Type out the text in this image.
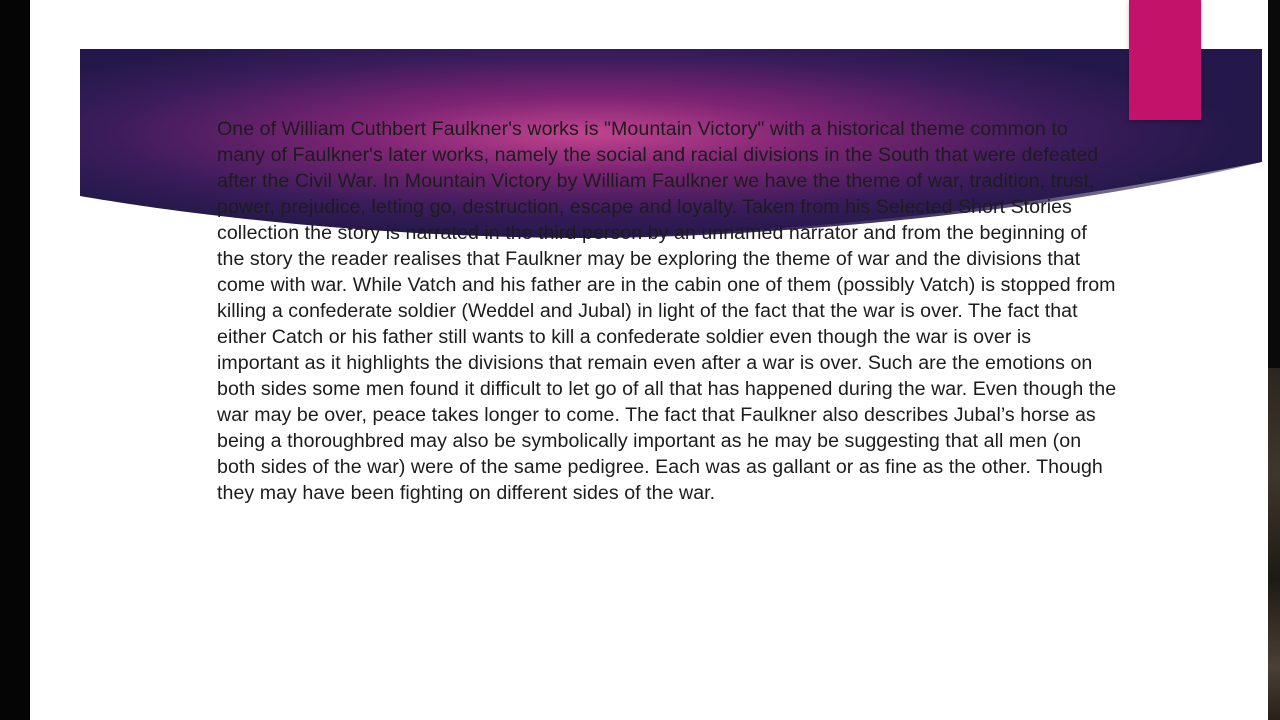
One of William Cuthbert Faulkner's works is "Mountain Victory" with a historical theme common to many of Faulkner's later works, namely the social and racial divisions in the South that were defeated after the Civil War. In Mountain Victory by William Faulkner we have the theme of war, tradition, trust, power, prejudice, letting go, destruction, escape and loyalty. Taken from his Selected Short Stories collection the story is narrated in the third person by an unnamed narrator and from the beginning of the story the reader realises that Faulkner may be exploring the theme of war and the divisions that come with war. While Vatch and his father are in the cabin one of them (possibly Vatch) is stopped from killing a confederate soldier (Weddel and Jubal) in light of the fact that the war is over. The fact that either Catch or his father still wants to kill a confederate soldier even though the war is over is important as it highlights the divisions that remain even after a war is over. Such are the emotions on both sides some men found it difficult to let go of all that has happened during the war. Even though the war may be over, peace takes longer to come. The fact that Faulkner also describes Jubal’s horse as being a thoroughbred may also be symbolically important as he may be suggesting that all men (on both sides of the war) were of the same pedigree. Each was as gallant or as fine as the other. Though they may have been fighting on different sides of the war.
